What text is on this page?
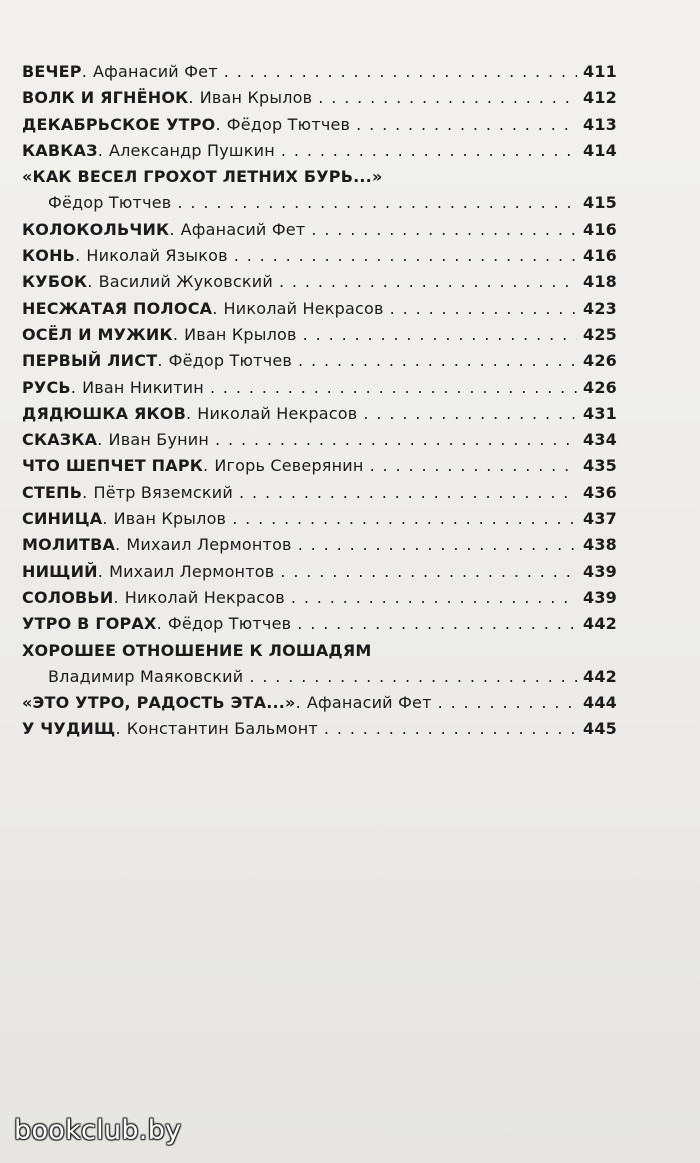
ВЕЧЕР . Афанасий Фет . . .	411
ВОЛК И ЯГНЁНОК . Иван Крылов . . .	412
ДЕКАБРЬСКОЕ УТРО . Фёдор Тютчев . . .	413
КАВКАЗ . Александр Пушкин . . .	414
«КАК ВЕСЕЛ ГРОХОТ ЛЕТНИХ БУРЬ...»
Фёдор Тютчев . . .	415
КОЛОКОЛЬЧИК . Афанасий Фет . . .	416
КОНЬ . Николай Языков . . .	416
КУБОК . Василий Жуковский . . .	418
НЕСЖАТАЯ ПОЛОСА . Николай Некрасов . . .	423
ОСЁЛ И МУЖИК . Иван Крылов . . .	425
ПЕРВЫЙ ЛИСТ . Фёдор Тютчев . . .	426
РУСЬ . Иван Никитин . . .	426
ДЯДЮШКА ЯКОВ . Николай Некрасов . . .	431
СКАЗКА . Иван Бунин . . .	434
ЧТО ШЕПЧЕТ ПАРК . Игорь Северянин . . .	435
СТЕПЬ . Пётр Вяземский . . .	436
СИНИЦА . Иван Крылов . . .	437
МОЛИТВА . Михаил Лермонтов . . .	438
НИЩИЙ . Михаил Лермонтов . . .	439
СОЛОВЬИ . Николай Некрасов . . .	439
УТРО В ГОРАХ . Фёдор Тютчев . . .	442
ХОРОШЕЕ ОТНОШЕНИЕ К ЛОШАДЯМ
Владимир Маяковский . . .	442
«ЭТО УТРО, РАДОСТЬ ЭТА...» . Афанасий Фет . . .	444
У ЧУДИЩ . Константин Бальмонт . . .	445
bookclub.by
